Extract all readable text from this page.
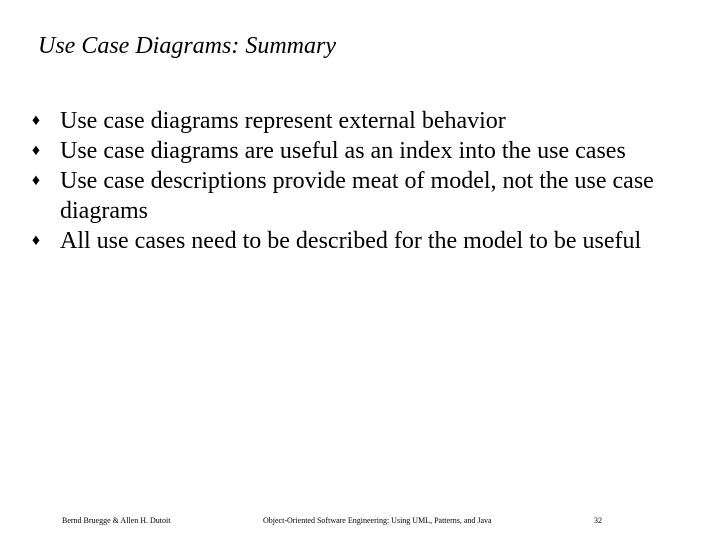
Use Case Diagrams: Summary
♦ Use case diagrams represent external behavior
♦ Use case diagrams are useful as an index into the use cases
♦ Use case descriptions provide meat of model, not the use case diagrams
♦ All use cases need to be described for the model to be useful
Bernd Bruegge & Allen H. Dutoit	Object-Oriented Software Engineering: Using UML, Patterns, and Java	32
